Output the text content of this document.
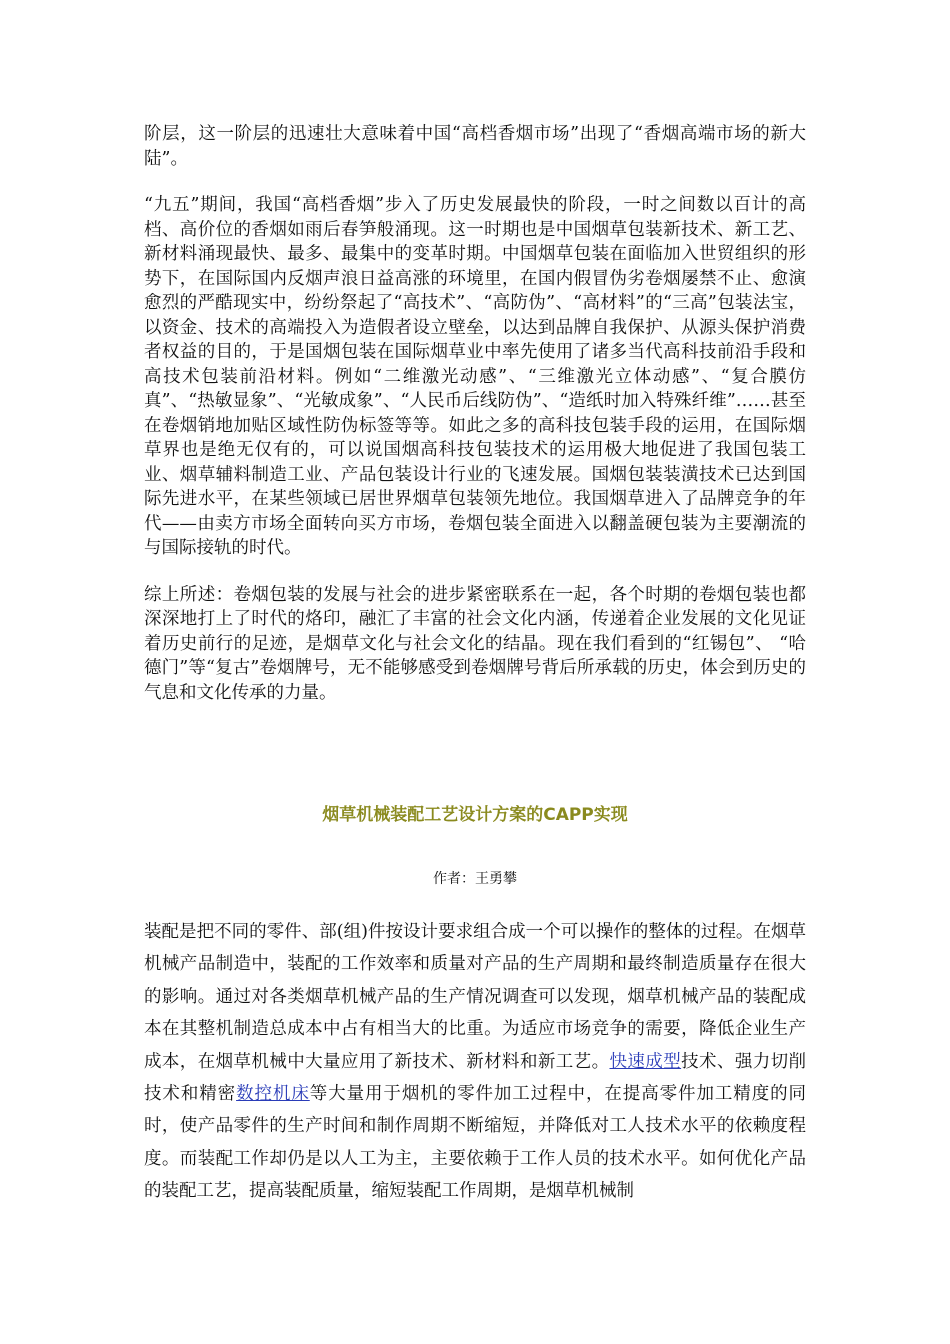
阶层，这一阶层的迅速壮大意味着中国“高档香烟市场”出现了“香烟高端市场的新大陆”。

“九五”期间，我国“高档香烟”步入了历史发展最快的阶段，一时之间数以百计的高档、高价位的香烟如雨后春笋般涌现。这一时期也是中国烟草包装新技术、新工艺、新材料涌现最快、最多、最集中的变革时期。中国烟草包装在面临加入世贸组织的形势下，在国际国内反烟声浪日益高涨的环境里，在国内假冒伪劣卷烟屡禁不止、愈演愈烈的严酷现实中，纷纷祭起了“高技术”、“高防伪”、“高材料”的“三高”包装法宝，以资金、技术的高端投入为造假者设立壁垒，以达到品牌自我保护、从源头保护消费者权益的目的，于是国烟包装在国际烟草业中率先使用了诸多当代高科技前沿手段和高技术包装前沿材料。例如“二维激光动感”、“三维激光立体动感”、“复合膜仿真”、“热敏显象”、“光敏成象”、“人民币后线防伪”、“造纸时加入特殊纤维”……甚至在卷烟销地加贴区域性防伪标签等等。如此之多的高科技包装手段的运用，在国际烟草界也是绝无仅有的，可以说国烟高科技包装技术的运用极大地促进了我国包装工业、烟草辅料制造工业、产品包装设计行业的飞速发展。国烟包装装潢技术已达到国际先进水平，在某些领域已居世界烟草包装领先地位。我国烟草进入了品牌竞争的年代——由卖方市场全面转向买方市场，卷烟包装全面进入以翻盖硬包装为主要潮流的与国际接轨的时代。

综上所述：卷烟包装的发展与社会的进步紧密联系在一起，各个时期的卷烟包装也都深深地打上了时代的烙印，融汇了丰富的社会文化内涵，传递着企业发展的文化见证着历史前行的足迹，是烟草文化与社会文化的结晶。现在我们看到的“红锡包”、 “哈德门”等“复古”卷烟牌号，无不能够感受到卷烟牌号背后所承载的历史，体会到历史的气息和文化传承的力量。

烟草机械装配工艺设计方案的CAPP实现
作者：王勇攀

装配是把不同的零件、部(组)件按设计要求组合成一个可以操作的整体的过程。在烟草机械产品制造中，装配的工作效率和质量对产品的生产周期和最终制造质量存在很大的影响。通过对各类烟草机械产品的生产情况调查可以发现，烟草机械产品的装配成本在其整机制造总成本中占有相当大的比重。为适应市场竞争的需要，降低企业生产成本，在烟草机械中大量应用了新技术、新材料和新工艺。快速成型技术、强力切削技术和精密数控机床等大量用于烟机的零件加工过程中，在提高零件加工精度的同时，使产品零件的生产时间和制作周期不断缩短，并降低对工人技术水平的依赖度程度。而装配工作却仍是以人工为主，主要依赖于工作人员的技术水平。如何优化产品的装配工艺，提高装配质量，缩短装配工作周期，是烟草机械制
